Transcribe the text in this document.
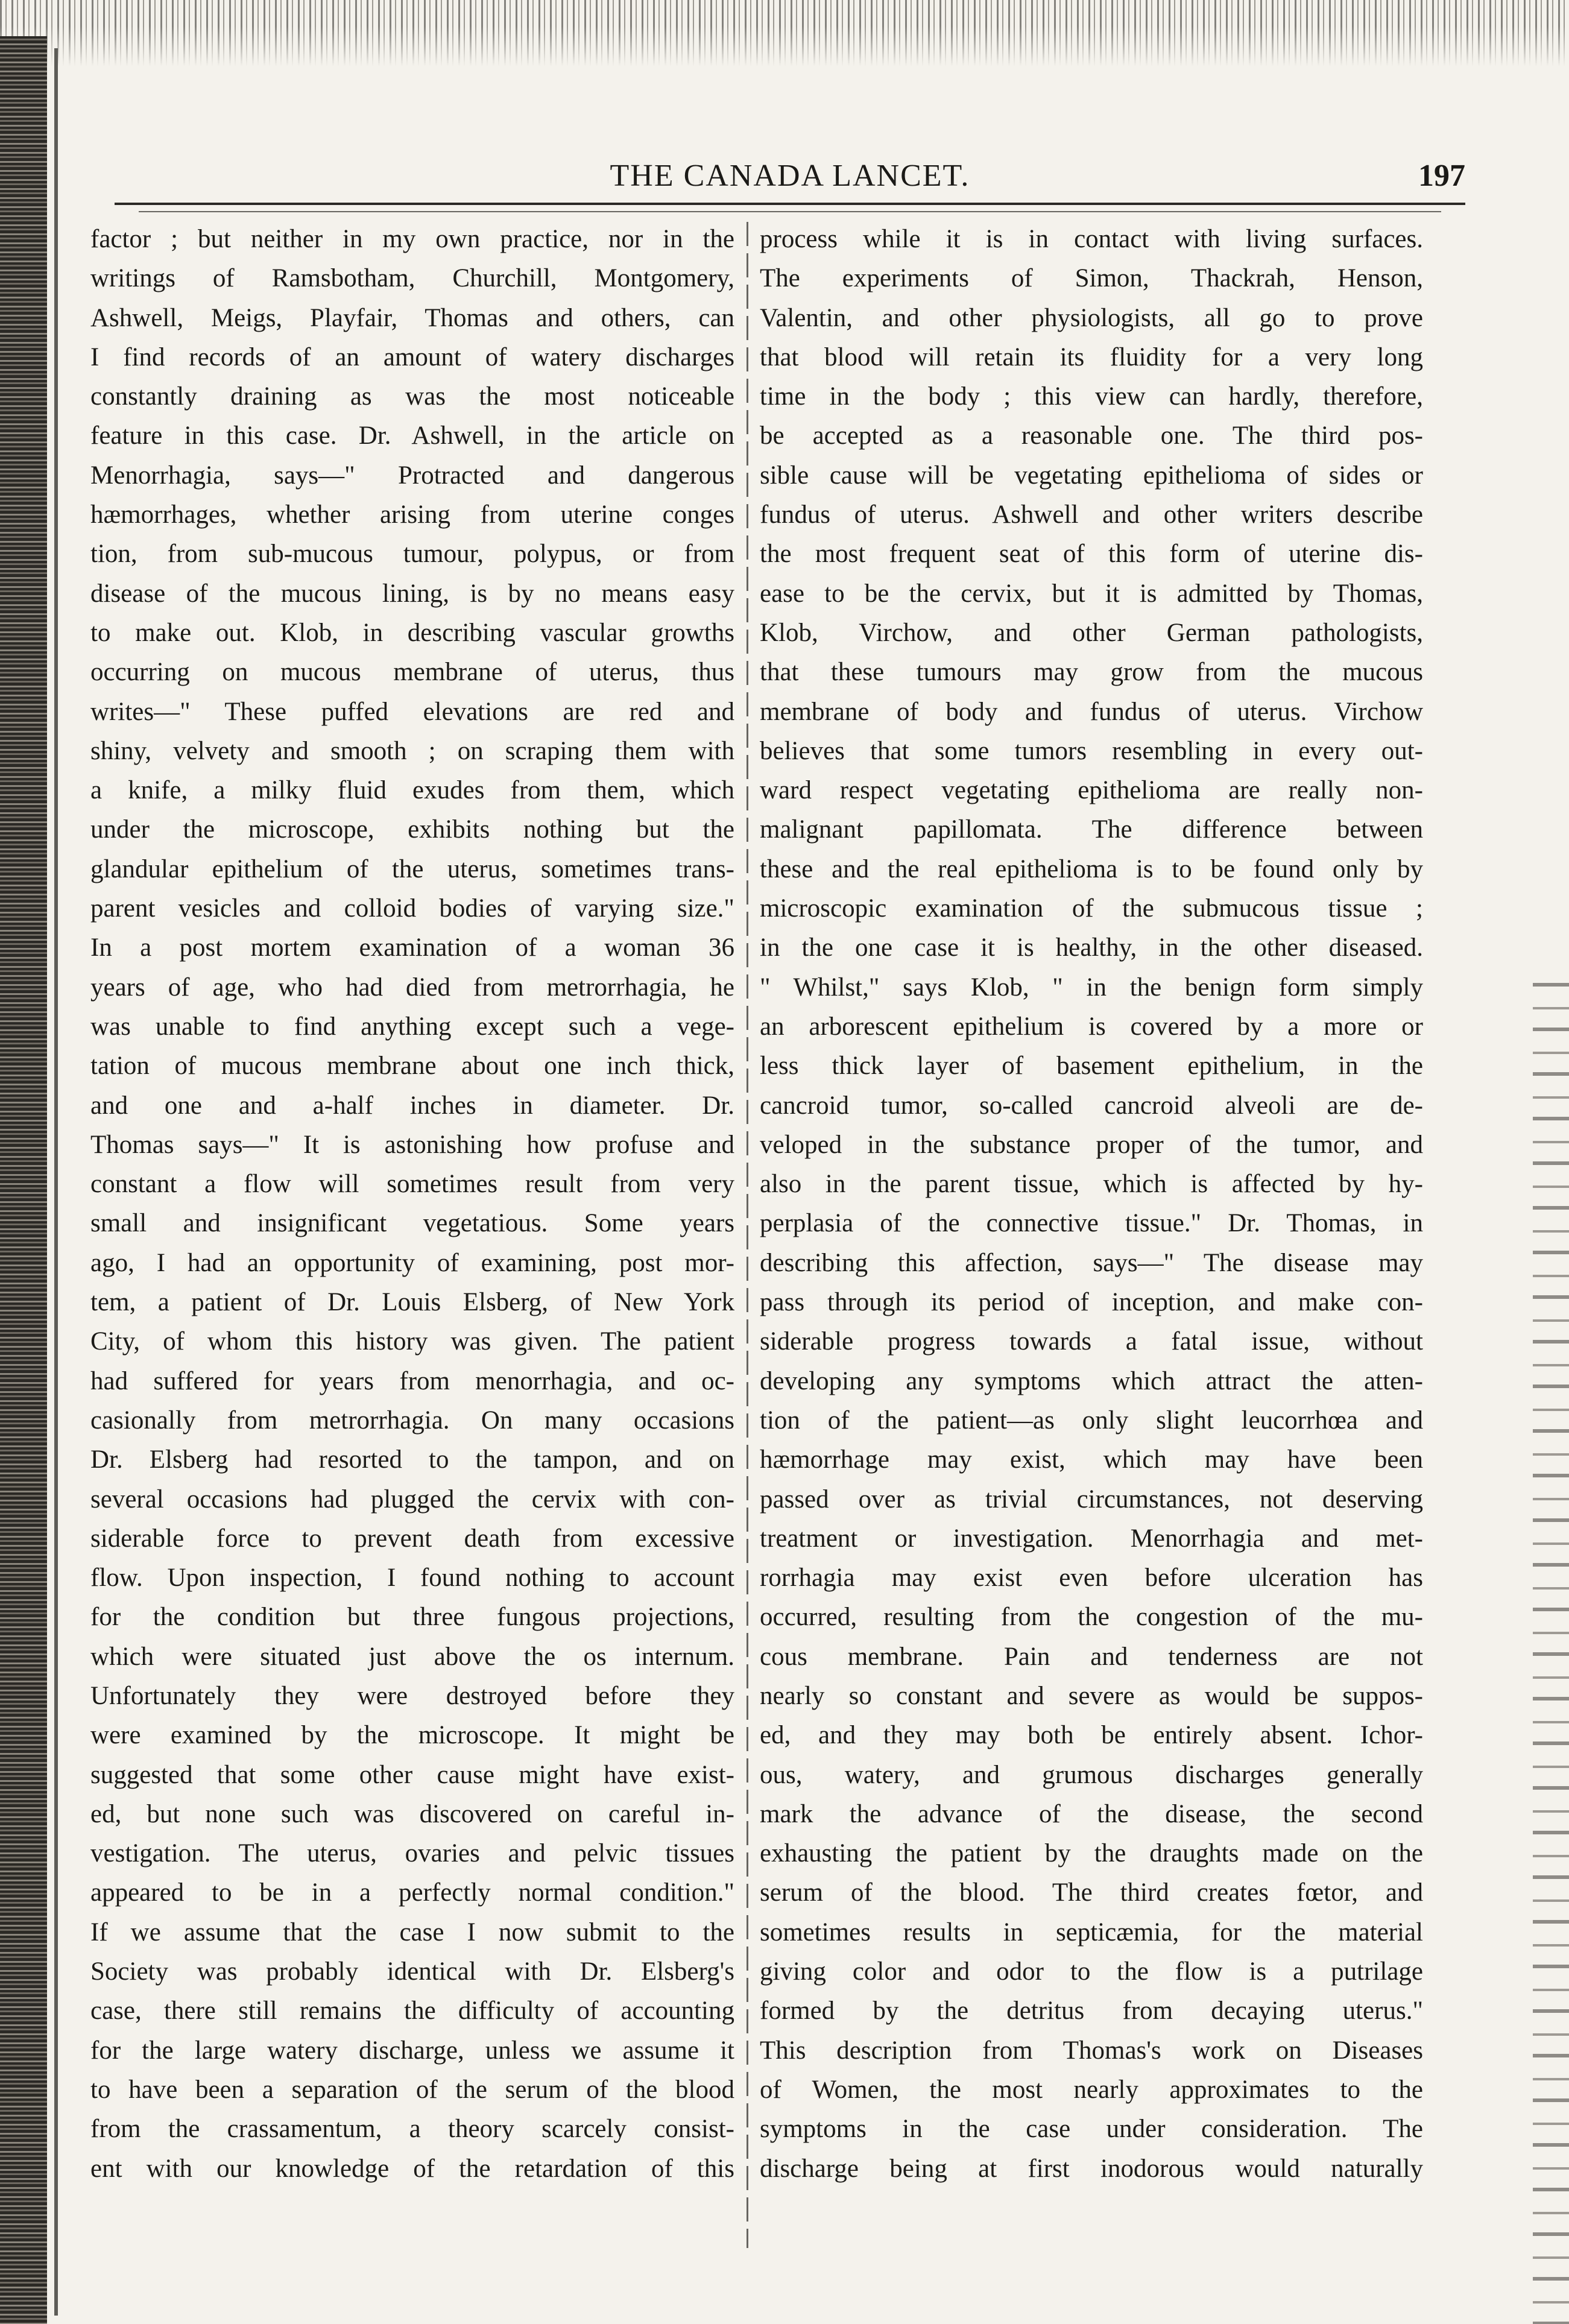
THE CANADA LANCET.	197
factor ; but neither in my own practice, nor in the
writings of Ramsbotham, Churchill, Montgomery,
Ashwell, Meigs, Playfair, Thomas and others, can
I find records of an amount of watery discharges
constantly draining as was the most noticeable
feature in this case. Dr. Ashwell, in the article on
Menorrhagia, says—" Protracted and dangerous
hæmorrhages, whether arising from uterine conges
tion, from sub-mucous tumour, polypus, or from
disease of the mucous lining, is by no means easy
to make out. Klob, in describing vascular growths
occurring on mucous membrane of uterus, thus
writes—" These puffed elevations are red and
shiny, velvety and smooth ; on scraping them with
a knife, a milky fluid exudes from them, which
under the microscope, exhibits nothing but the
glandular epithelium of the uterus, sometimes trans-
parent vesicles and colloid bodies of varying size."
In a post mortem examination of a woman 36
years of age, who had died from metrorrhagia, he
was unable to find anything except such a vege-
tation of mucous membrane about one inch thick,
and one and a-half inches in diameter. Dr.
Thomas says—" It is astonishing how profuse and
constant a flow will sometimes result from very
small and insignificant vegetatious. Some years
ago, I had an opportunity of examining, post mor-
tem, a patient of Dr. Louis Elsberg, of New York
City, of whom this history was given. The patient
had suffered for years from menorrhagia, and oc-
casionally from metrorrhagia. On many occasions
Dr. Elsberg had resorted to the tampon, and on
several occasions had plugged the cervix with con-
siderable force to prevent death from excessive
flow. Upon inspection, I found nothing to account
for the condition but three fungous projections,
which were situated just above the os internum.
Unfortunately they were destroyed before they
were examined by the microscope. It might be
suggested that some other cause might have exist-
ed, but none such was discovered on careful in-
vestigation. The uterus, ovaries and pelvic tissues
appeared to be in a perfectly normal condition."
If we assume that the case I now submit to the
Society was probably identical with Dr. Elsberg's
case, there still remains the difficulty of accounting
for the large watery discharge, unless we assume it
to have been a separation of the serum of the blood
from the crassamentum, a theory scarcely consist-
ent with our knowledge of the retardation of this
process while it is in contact with living surfaces.
The experiments of Simon, Thackrah, Henson,
Valentin, and other physiologists, all go to prove
that blood will retain its fluidity for a very long
time in the body ; this view can hardly, therefore,
be accepted as a reasonable one. The third pos-
sible cause will be vegetating epithelioma of sides or
fundus of uterus. Ashwell and other writers describe
the most frequent seat of this form of uterine dis-
ease to be the cervix, but it is admitted by Thomas,
Klob, Virchow, and other German pathologists,
that these tumours may grow from the mucous
membrane of body and fundus of uterus. Virchow
believes that some tumors resembling in every out-
ward respect vegetating epithelioma are really non-
malignant papillomata. The difference between
these and the real epithelioma is to be found only by
microscopic examination of the submucous tissue ;
in the one case it is healthy, in the other diseased.
" Whilst," says Klob, " in the benign form simply
an arborescent epithelium is covered by a more or
less thick layer of basement epithelium, in the
cancroid tumor, so-called cancroid alveoli are de-
veloped in the substance proper of the tumor, and
also in the parent tissue, which is affected by hy-
perplasia of the connective tissue." Dr. Thomas, in
describing this affection, says—" The disease may
pass through its period of inception, and make con-
siderable progress towards a fatal issue, without
developing any symptoms which attract the atten-
tion of the patient—as only slight leucorrhœa and
hæmorrhage may exist, which may have been
passed over as trivial circumstances, not deserving
treatment or investigation. Menorrhagia and met-
rorrhagia may exist even before ulceration has
occurred, resulting from the congestion of the mu-
cous membrane. Pain and tenderness are not
nearly so constant and severe as would be suppos-
ed, and they may both be entirely absent. Ichor-
ous, watery, and grumous discharges generally
mark the advance of the disease, the second
exhausting the patient by the draughts made on the
serum of the blood. The third creates fœtor, and
sometimes results in septicæmia, for the material
giving color and odor to the flow is a putrilage
formed by the detritus from decaying uterus."
This description from Thomas's work on Diseases
of Women, the most nearly approximates to the
symptoms in the case under consideration. The
discharge being at first inodorous would naturally
